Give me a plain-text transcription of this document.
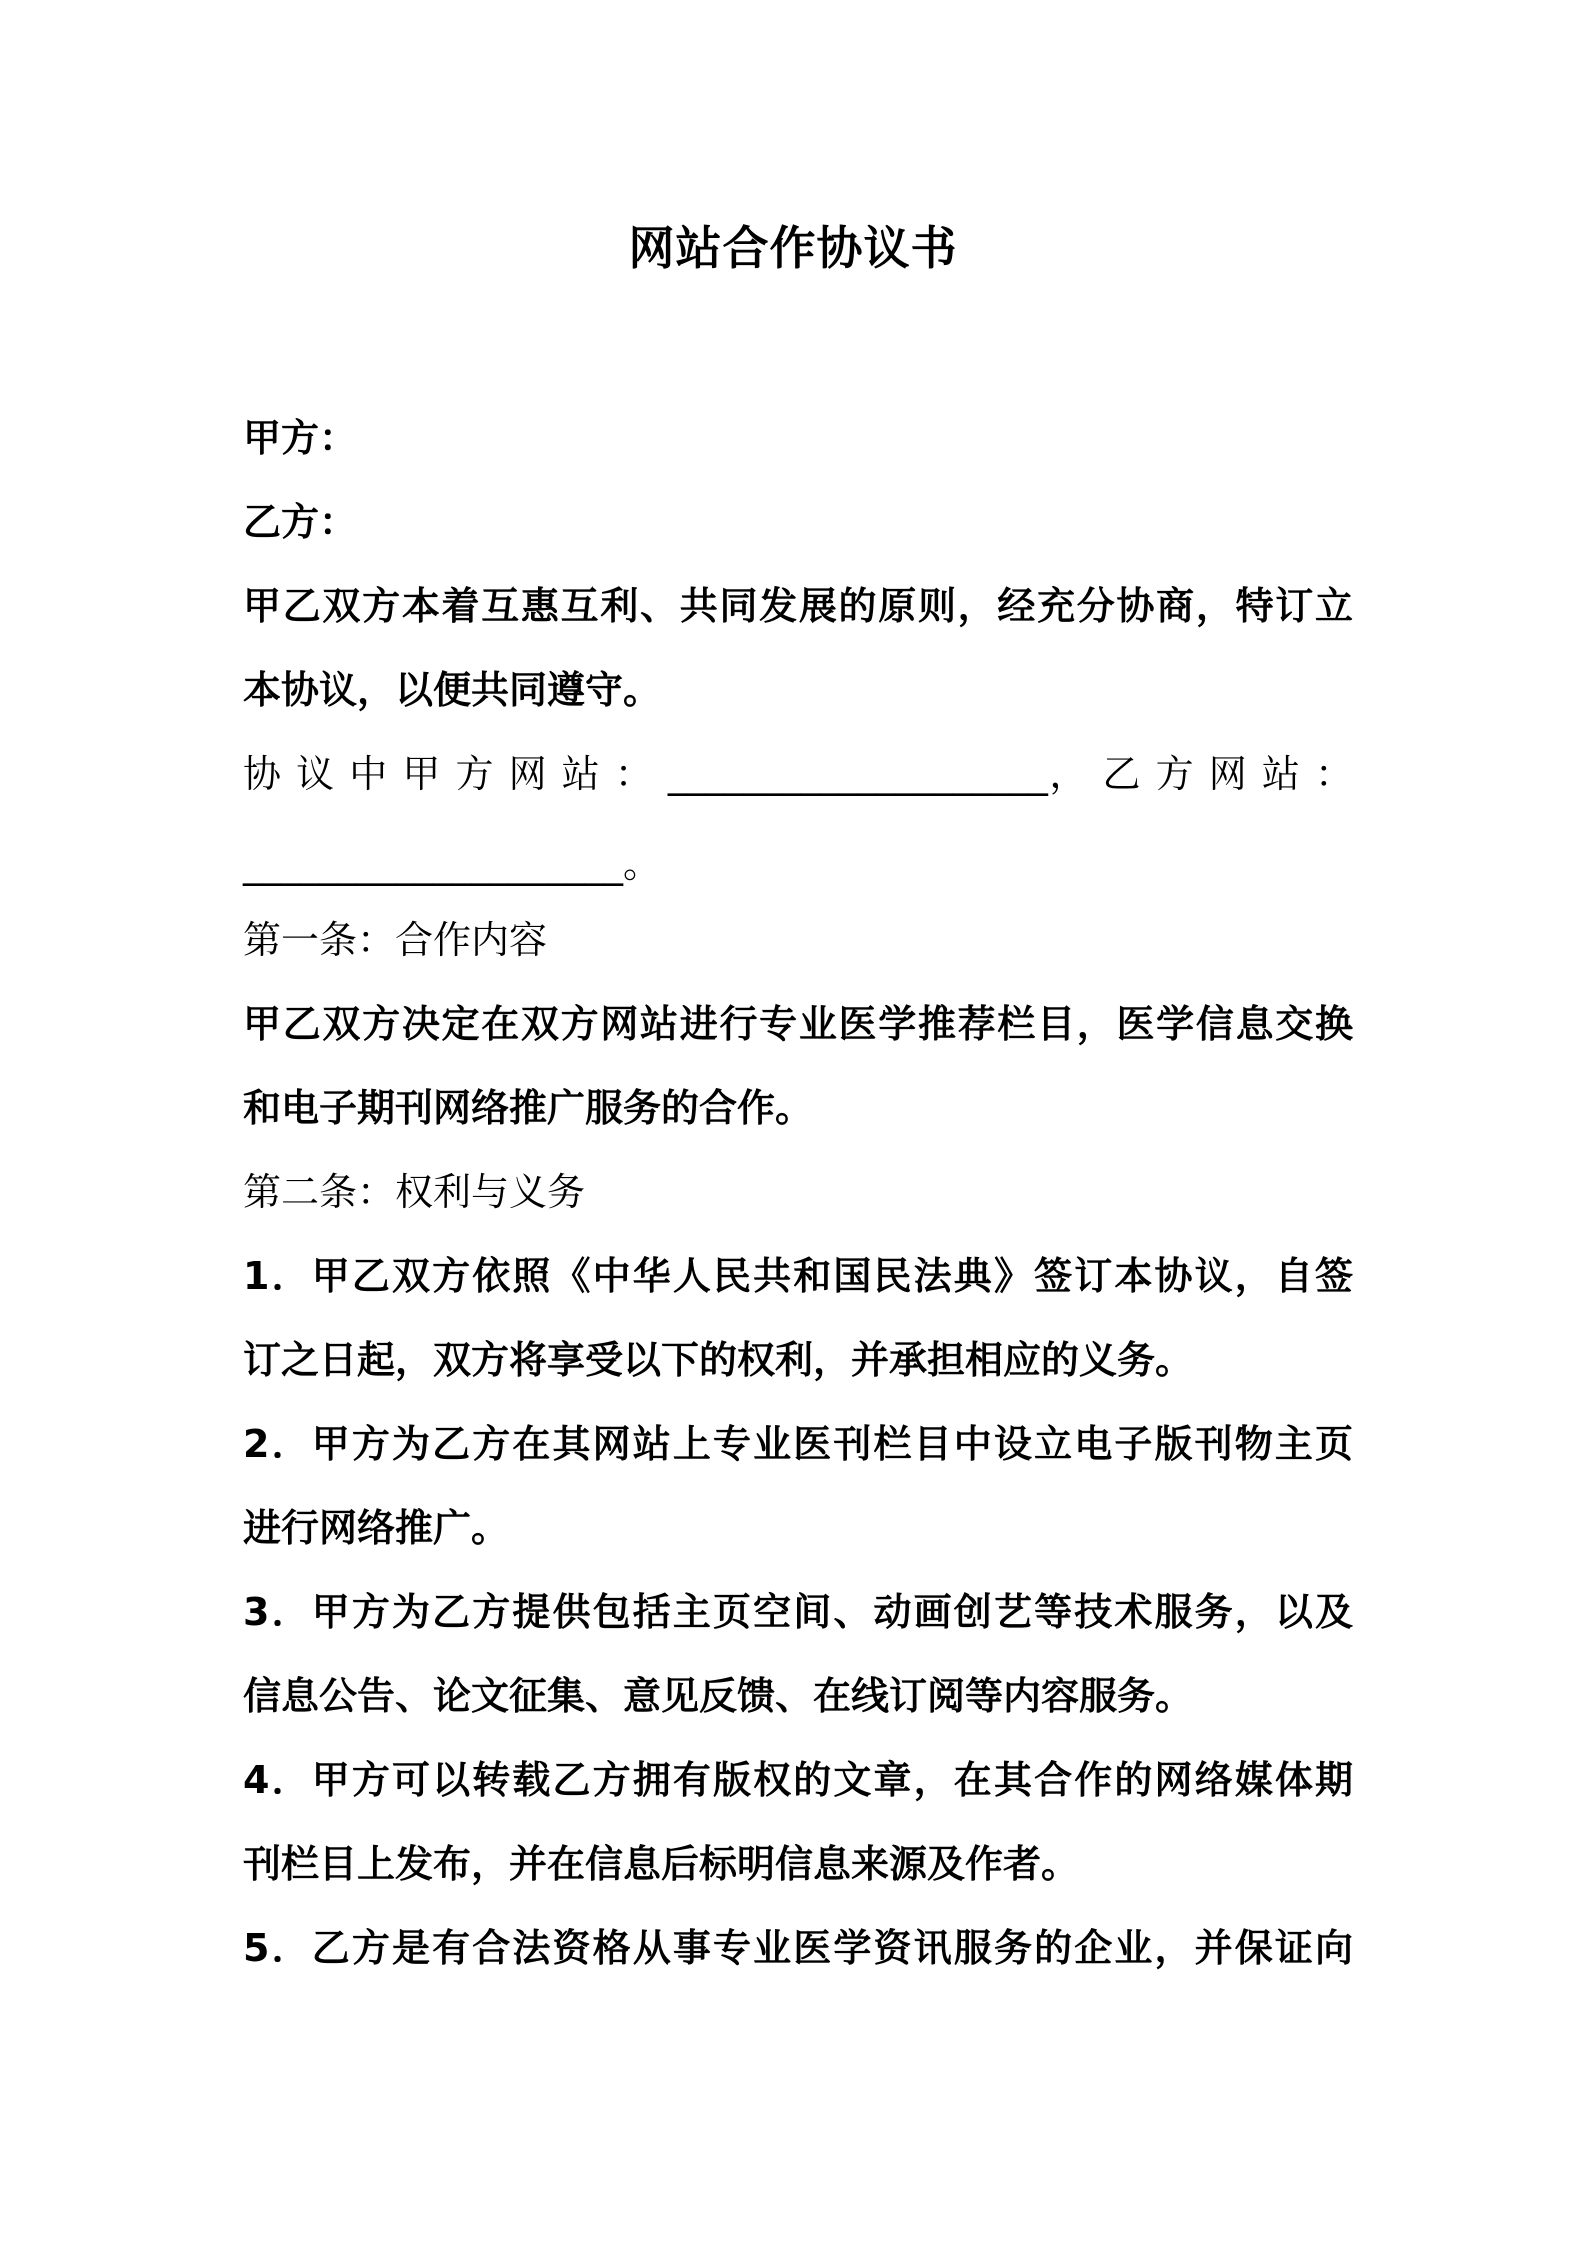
网站合作协议书
甲方：
乙方：
甲乙双方本着互惠互利、共同发展的原则，经充分协商，特订立
本协议，以便共同遵守。
协 议 中 甲 方 网 站 ： ____________________， 乙 方 网 站 ：
____________________。
第一条：合作内容
甲乙双方决定在双方网站进行专业医学推荐栏目，医学信息交换
和电子期刊网络推广服务的合作。
第二条：权利与义务
1．甲乙双方依照《中华人民共和国民法典》签订本协议，自签
订之日起，双方将享受以下的权利，并承担相应的义务。
2．甲方为乙方在其网站上专业医刊栏目中设立电子版刊物主页
进行网络推广。
3．甲方为乙方提供包括主页空间、动画创艺等技术服务，以及
信息公告、论文征集、意见反馈、在线订阅等内容服务。
4．甲方可以转载乙方拥有版权的文章，在其合作的网络媒体期
刊栏目上发布，并在信息后标明信息来源及作者。
5．乙方是有合法资格从事专业医学资讯服务的企业，并保证向
